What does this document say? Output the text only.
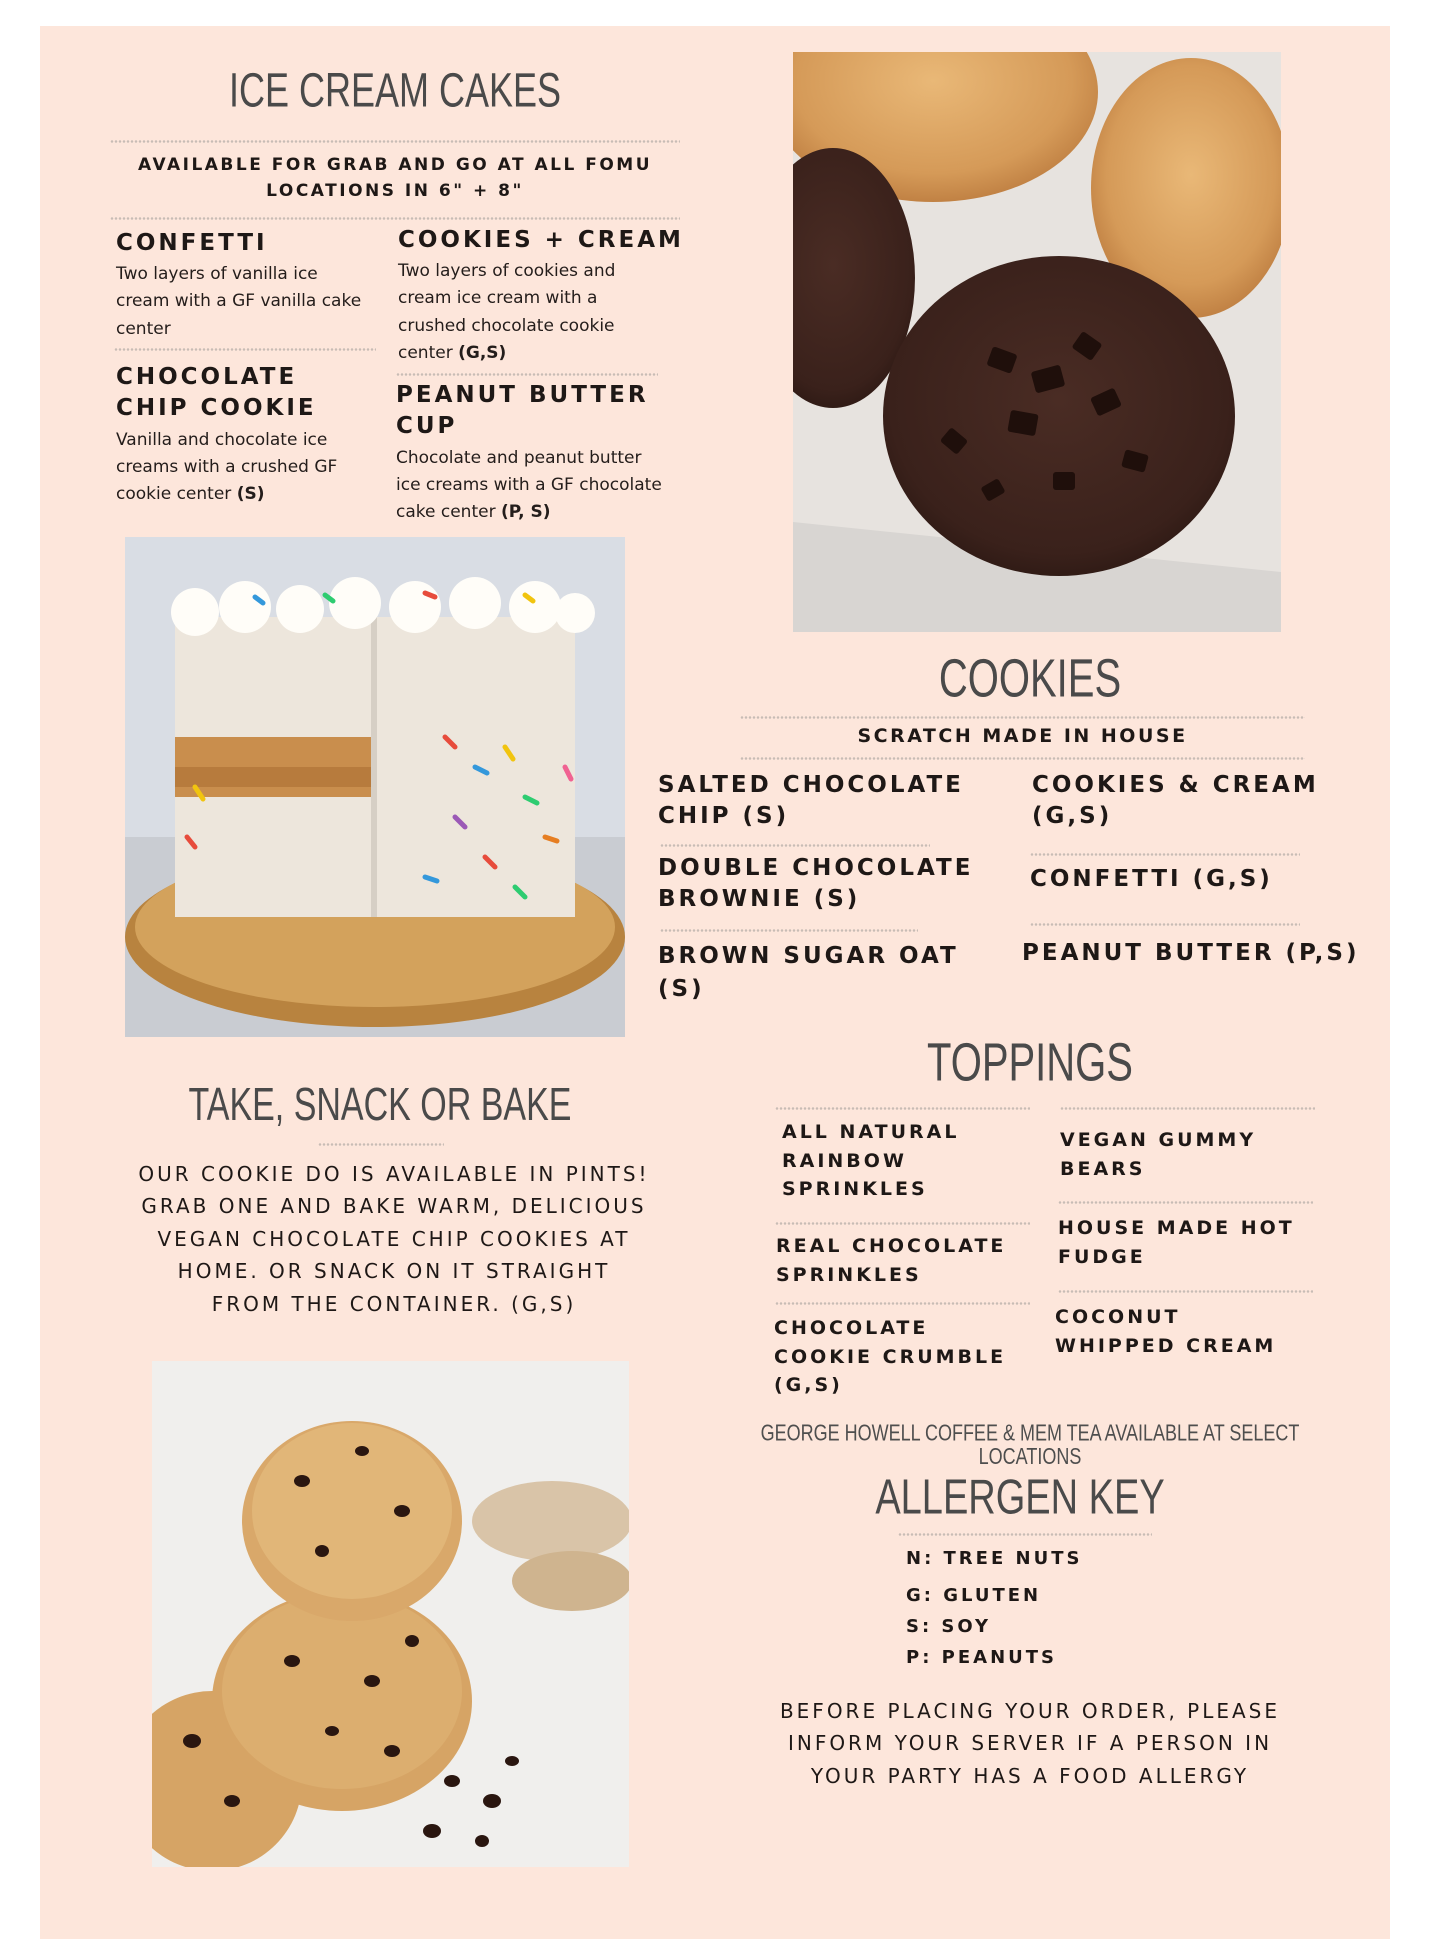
ICE CREAM CAKES
AVAILABLE FOR GRAB AND GO AT ALL FOMU LOCATIONS IN 6" + 8"
CONFETTI
Two layers of vanilla ice cream with a GF vanilla cake center
COOKIES + CREAM
Two layers of cookies and cream ice cream with a crushed chocolate cookie center (G,S)
CHOCOLATE CHIP COOKIE
Vanilla and chocolate ice creams with a crushed GF cookie center (S)
PEANUT BUTTER CUP
Chocolate and peanut butter ice creams with a GF chocolate cake center (P, S)
COOKIES
SCRATCH MADE IN HOUSE
SALTED CHOCOLATE CHIP (S)
COOKIES & CREAM (G,S)
DOUBLE CHOCOLATE BROWNIE (S)
CONFETTI (G,S)
BROWN SUGAR OAT (S)
PEANUT BUTTER (P,S)
TAKE, SNACK OR BAKE
OUR COOKIE DO IS AVAILABLE IN PINTS! GRAB ONE AND BAKE WARM, DELICIOUS VEGAN CHOCOLATE CHIP COOKIES AT HOME. OR SNACK ON IT STRAIGHT FROM THE CONTAINER. (G,S)
TOPPINGS
ALL NATURAL RAINBOW SPRINKLES
VEGAN GUMMY BEARS
REAL CHOCOLATE SPRINKLES
HOUSE MADE HOT FUDGE
CHOCOLATE COOKIE CRUMBLE (G,S)
COCONUT WHIPPED CREAM
GEORGE HOWELL COFFEE & MEM TEA AVAILABLE AT SELECT LOCATIONS
ALLERGEN KEY
N: TREE NUTS
G: GLUTEN
S: SOY
P: PEANUTS
BEFORE PLACING YOUR ORDER, PLEASE INFORM YOUR SERVER IF A PERSON IN YOUR PARTY HAS A FOOD ALLERGY
